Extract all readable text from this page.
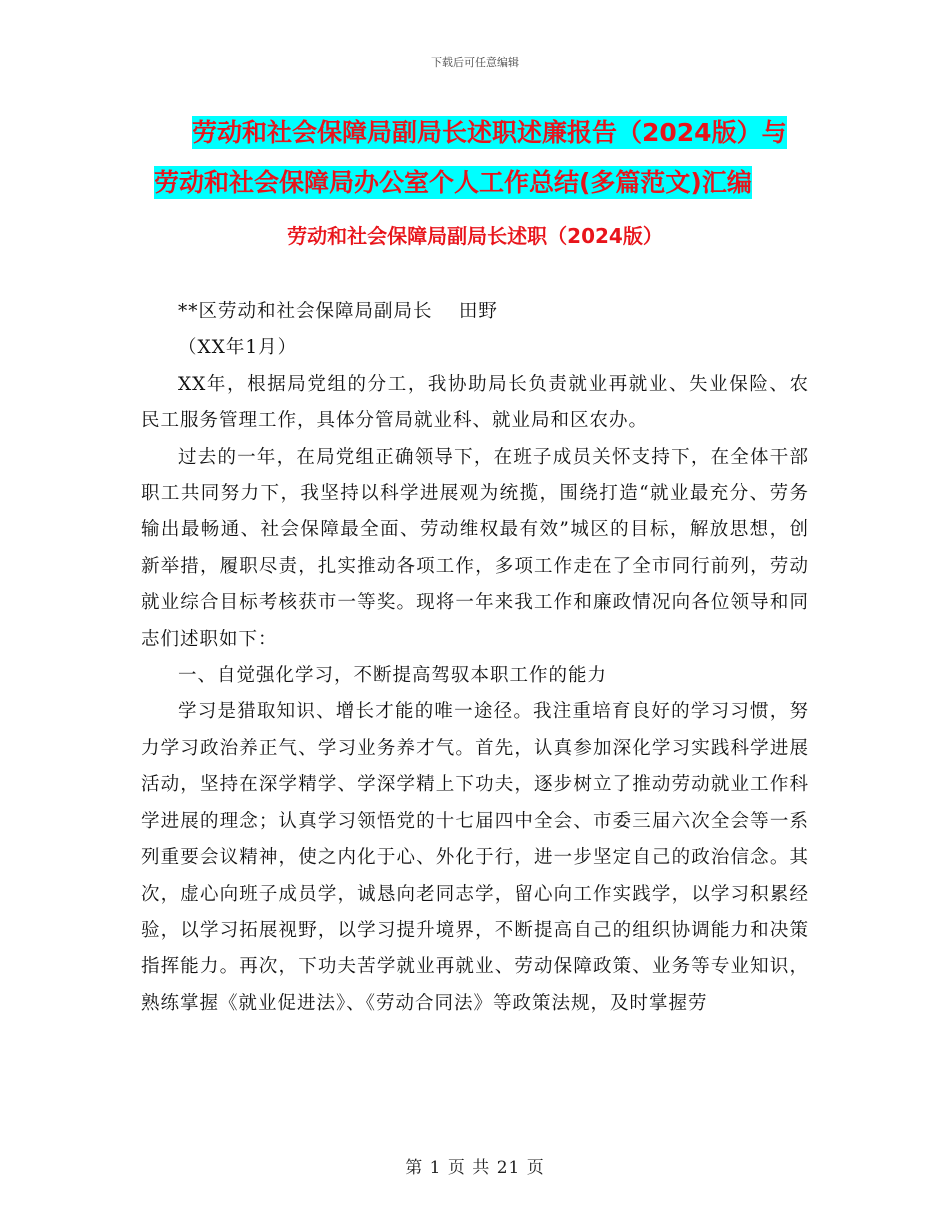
下载后可任意编辑
劳动和社会保障局副局长述职述廉报告（2024版）与
劳动和社会保障局办公室个人工作总结(多篇范文)汇编
劳动和社会保障局副局长述职（2024版）

**区劳动和社会保障局副局长　 田野

（XX年1月）

XX年，根据局党组的分工，我协助局长负责就业再就业、失业保险、农民工服务管理工作，具体分管局就业科、就业局和区农办。

过去的一年，在局党组正确领导下，在班子成员关怀支持下，在全体干部职工共同努力下，我坚持以科学进展观为统揽，围绕打造“就业最充分、劳务输出最畅通、社会保障最全面、劳动维权最有效”城区的目标，解放思想，创新举措，履职尽责，扎实推动各项工作，多项工作走在了全市同行前列，劳动就业综合目标考核获市一等奖。现将一年来我工作和廉政情况向各位领导和同志们述职如下：

一、自觉强化学习，不断提高驾驭本职工作的能力

学习是猎取知识、增长才能的唯一途径。我注重培育良好的学习习惯，努力学习政治养正气、学习业务养才气。首先，认真参加深化学习实践科学进展活动，坚持在深学精学、学深学精上下功夫，逐步树立了推动劳动就业工作科学进展的理念；认真学习领悟党的十七届四中全会、市委三届六次全会等一系列重要会议精神，使之内化于心、外化于行，进一步坚定自己的政治信念。其次，虚心向班子成员学，诚恳向老同志学，留心向工作实践学，以学习积累经验，以学习拓展视野，以学习提升境界，不断提高自己的组织协调能力和决策指挥能力。再次，下功夫苦学就业再就业、劳动保障政策、业务等专业知识，熟练掌握《就业促进法》、《劳动合同法》等政策法规，及时掌握劳

第 1 页 共 21 页
